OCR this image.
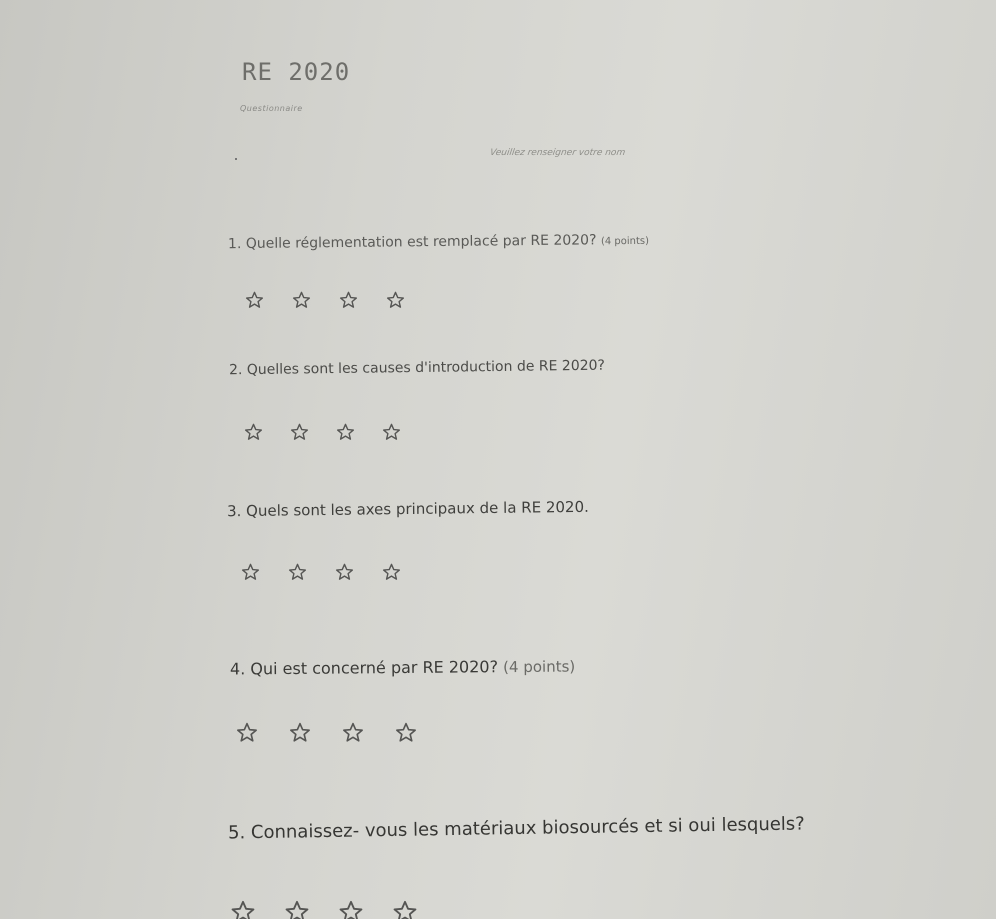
RE 2020
Questionnaire
Veuillez renseigner votre nom
1. Quelle réglementation est remplacé par RE 2020? (4 points)
2. Quelles sont les causes d'introduction de RE 2020?
3. Quels sont les axes principaux de la RE 2020.
4. Qui est concerné par RE 2020? (4 points)
5. Connaissez- vous les matériaux biosourcés et si oui lesquels?
